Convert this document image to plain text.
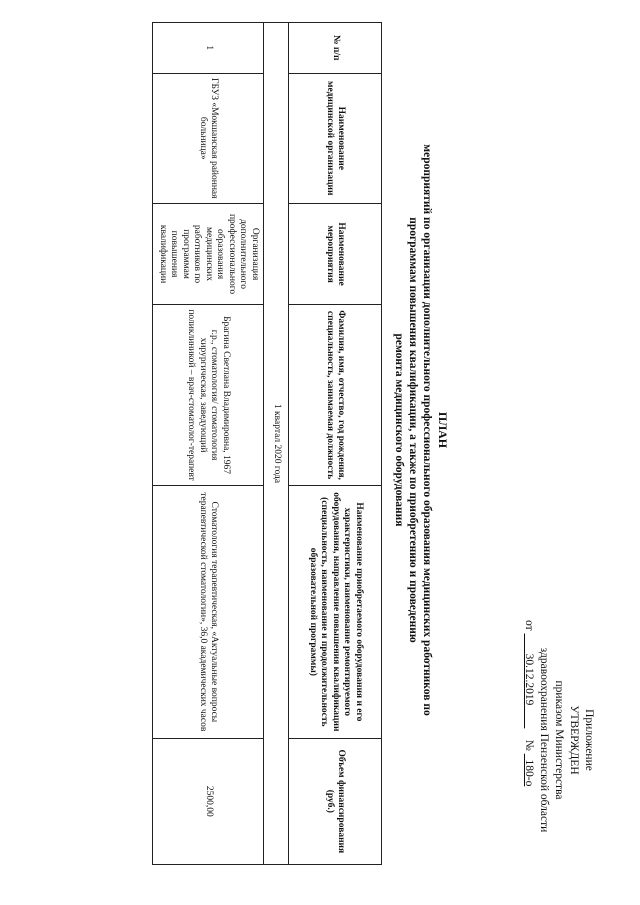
Приложение
УТВЕРЖДЕН
приказом Министерства
здравоохранения Пензенской области
от        30.12.2019            №   180-о
ПЛАН
мероприятий по организации дополнительного профессионального образования медицинских работников по
программам повышения квалификации, а также по приобретению и проведению
ремонта медицинского оборудования
№ п/п	Наименование медицинской организации	Наименование мероприятия	Фамилия, имя, отчество, год рождения, специальность, занимаемая должность	Наименование приобретаемого оборудования и его характеристики, наименование ремонтируемого оборудования, направление повышения квалификации (специальность, наименование и продолжительность образовательной программы)	Объем финансирования (руб.)
1 квартал 2020 года					
1	ГБУЗ «Мокшанская районная больница»	Организация дополнительного профессионального образования медицинских работников по программам повышения квалификации	Брагина Светлана Владимировна, 1967 г.р., стоматология/ стоматология хирургическая, заведующий поликлиникой – врач-стоматолог-терапевт	Стоматология терапевтическая, «Актуальные вопросы терапевтической стоматологии», 36,0 академических часов	2500,00
